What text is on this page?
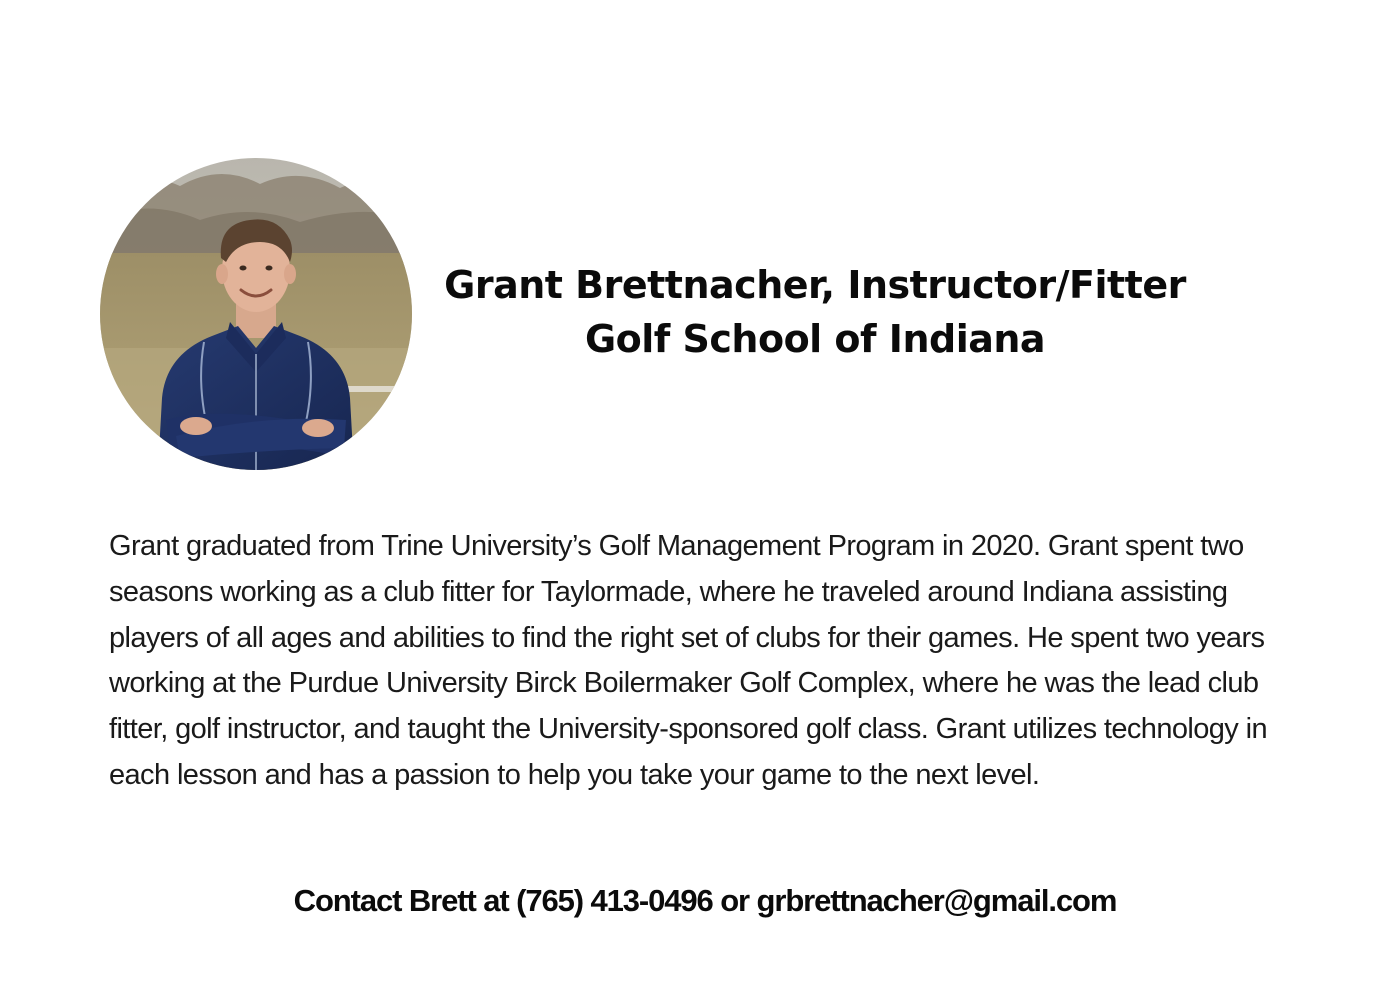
Grant Brettnacher, Instructor/Fitter
Golf School of Indiana

Grant graduated from Trine University’s Golf Management Program in 2020. Grant spent two seasons working as a club fitter for Taylormade, where he traveled around Indiana assisting players of all ages and abilities to find the right set of clubs for their games. He spent two years working at the Purdue University Birck Boilermaker Golf Complex, where he was the lead club fitter, golf instructor, and taught the University-sponsored golf class. Grant utilizes technology in each lesson and has a passion to help you take your game to the next level.

Contact Brett at (765) 413-0496 or grbrettnacher@gmail.com
